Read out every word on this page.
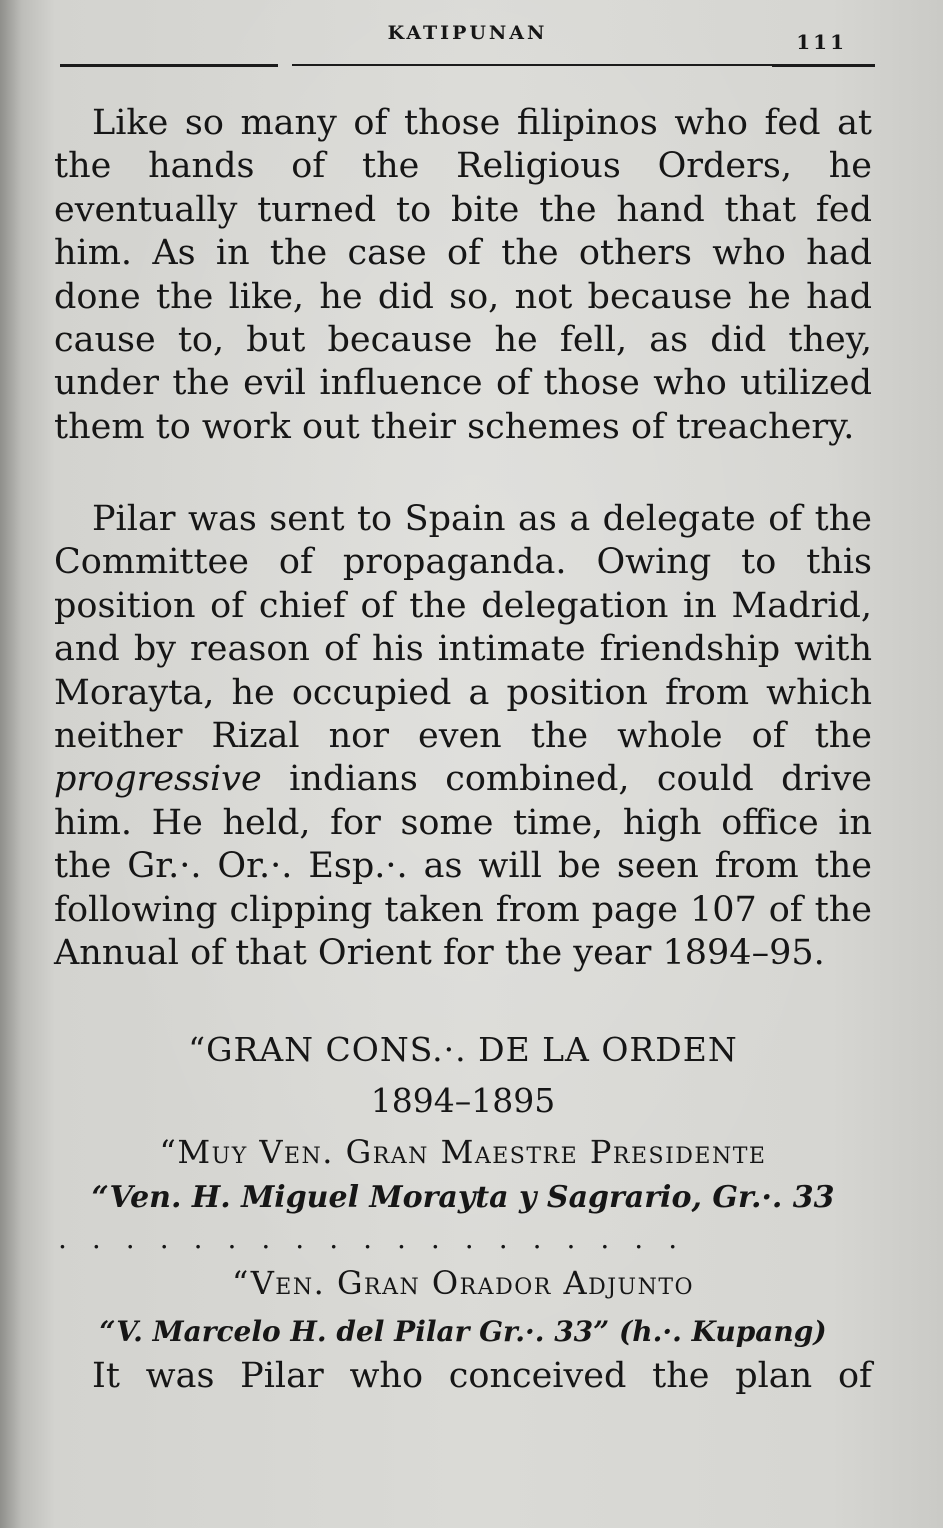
KATIPUNAN	111
Like so many of those filipinos who fed at the hands of the Religious Orders, he eventually turned to bite the hand that fed him. As in the case of the others who had done the like, he did so, not because he had cause to, but because he fell, as did they, under the evil influence of those who utilized them to work out their schemes of treachery.
Pilar was sent to Spain as a delegate of the Committee of propaganda. Owing to this position of chief of the delegation in Madrid, and by reason of his intimate friendship with Morayta, he occupied a position from which neither Rizal nor even the whole of the progressive indians combined, could drive him. He held, for some time, high office in the Gr.·. Or.·. Esp.·. as will be seen from the following clipping taken from page 107 of the Annual of that Orient for the year 1894–95.
“GRAN CONS.·. DE LA ORDEN
1894–1895
“Muy Ven. Gran Maestre Presidente
“Ven. H. Miguel Morayta y Sagrario, Gr.·. 33
...................
“Ven. Gran Orador Adjunto
“V. Marcelo H. del Pilar Gr.·. 33” (h.·. Kupang)
It was Pilar who conceived the plan of
